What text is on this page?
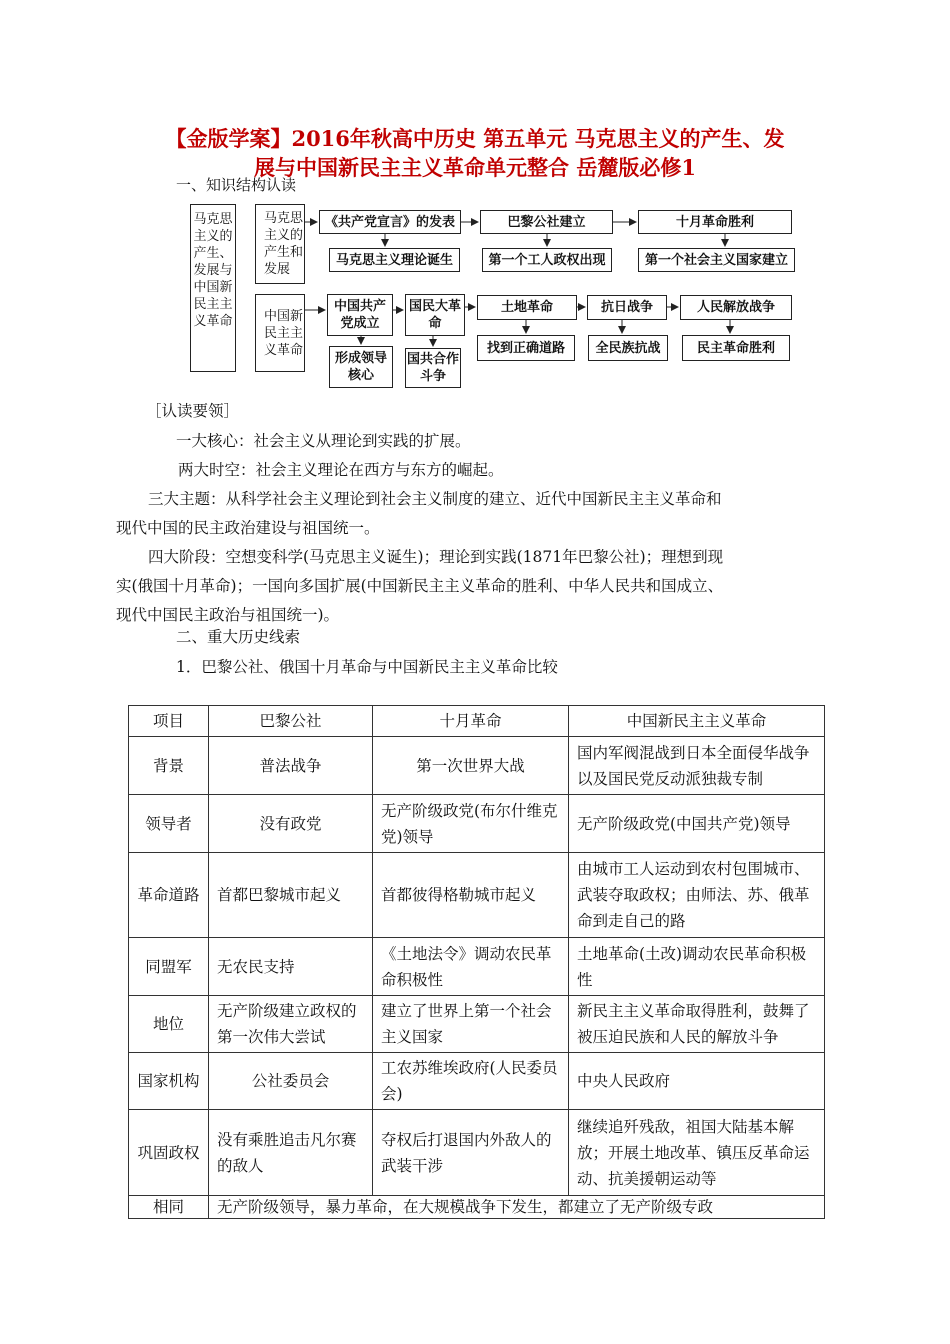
【金版学案】2016年秋高中历史 第五单元 马克思主义的产生、发
展与中国新民主主义革命单元整合 岳麓版必修1
一、知识结构认读
马克思主义的产生、发展与中国新民主主义革命
马克思主义的产生和发展
中国新民主主义革命
《共产党宣言》的发表	巴黎公社建立	十月革命胜利
马克思主义理论诞生	第一个工人政权出现	第一个社会主义国家建立
中国共产党成立
国民大革命
土地革命	抗日战争	人民解放战争
形成领导核心
国共合作斗争
找到正确道路 全民族抗战	民主革命胜利
［认读要领］
一大核心：社会主义从理论到实践的扩展。
两大时空：社会主义理论在西方与东方的崛起。
三大主题：从科学社会主义理论到社会主义制度的建立、近代中国新民主主义革命和
现代中国的民主政治建设与祖国统一。
四大阶段：空想变科学(马克思主义诞生)；理论到实践(1871年巴黎公社)；理想到现
实(俄国十月革命)；一国向多国扩展(中国新民主主义革命的胜利、中华人民共和国成立、
现代中国民主政治与祖国统一)。
二、重大历史线索
1．巴黎公社、俄国十月革命与中国新民主主义革命比较
项目	巴黎公社	十月革命	中国新民主主义革命
背景	普法战争	第一次世界大战	国内军阀混战到日本全面侵华战争以及国民党反动派独裁专制
领导者	没有政党	无产阶级政党(布尔什维克党)领导	无产阶级政党(中国共产党)领导
革命道路	首都巴黎城市起义	首都彼得格勒城市起义	由城市工人运动到农村包围城市、武装夺取政权；由师法、苏、俄革命到走自己的路
同盟军	无农民支持	《土地法令》调动农民革命积极性	土地革命(土改)调动农民革命积极性
地位	无产阶级建立政权的第一次伟大尝试	建立了世界上第一个社会主义国家	新民主主义革命取得胜利，鼓舞了被压迫民族和人民的解放斗争
国家机构	公社委员会	工农苏维埃政府(人民委员会)	中央人民政府
巩固政权	没有乘胜追击凡尔赛的敌人	夺权后打退国内外敌人的武装干涉	继续追歼残敌，祖国大陆基本解放；开展土地改革、镇压反革命运动、抗美援朝运动等
相同	无产阶级领导，暴力革命，在大规模战争下发生，都建立了无产阶级专政		
